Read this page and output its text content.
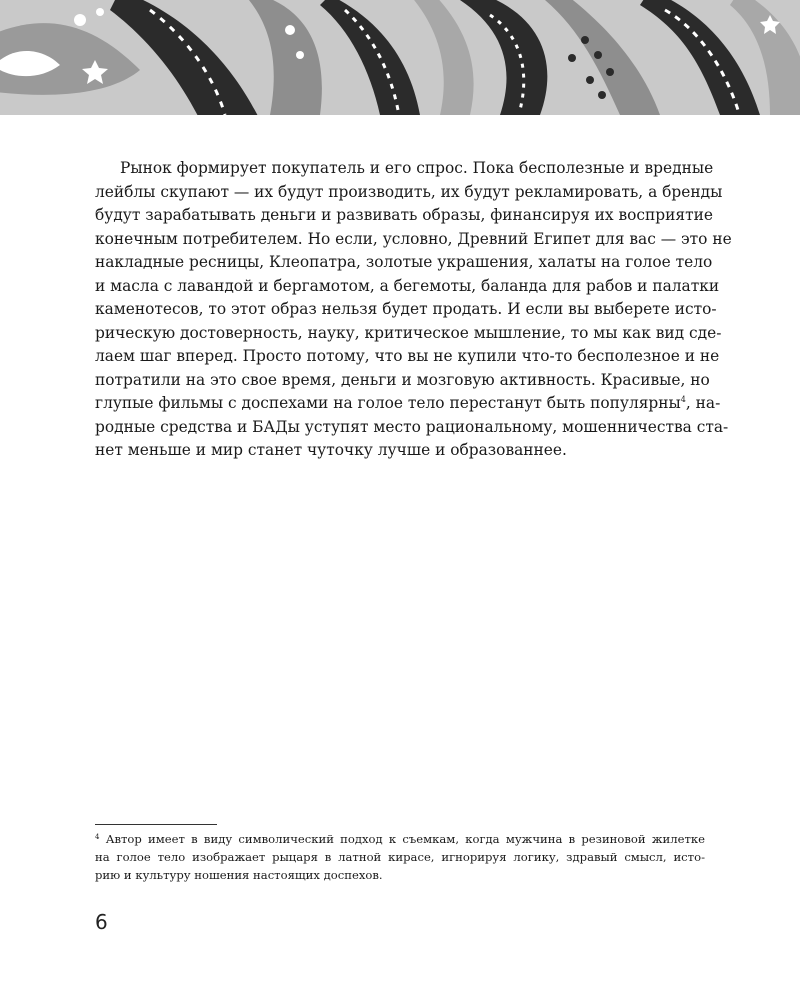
Рынок формирует покупатель и его спрос. Пока бесполезные и вредные
лейблы скупают — их будут производить, их будут рекламировать, а бренды
будут зарабатывать деньги и развивать образы, финансируя их восприятие
конечным потребителем. Но если, условно, Древний Египет для вас — это не
накладные ресницы, Клеопатра, золотые украшения, халаты на голое тело
и масла с лавандой и бергамотом, а бегемоты, баланда для рабов и палатки
каменотесов, то этот образ нельзя будет продать. И если вы выберете исто-
рическую достоверность, науку, критическое мышление, то мы как вид сде-
лаем шаг вперед. Просто потому, что вы не купили что-то бесполезное и не
потратили на это свое время, деньги и мозговую активность. Красивые, но
глупые фильмы с доспехами на голое тело перестанут быть популярны$^4$, на-
родные средства и БАДы уступят место рациональному, мошенничества ста-
нет меньше и мир станет чуточку лучше и образованнее.
$^4$ Автор имеет в виду символический подход к съемкам, когда мужчина в резиновой жилетке
на голое тело изображает рыцаря в латной кирасе, игнорируя логику, здравый смысл, исто-
рию и культуру ношения настоящих доспехов.
6
